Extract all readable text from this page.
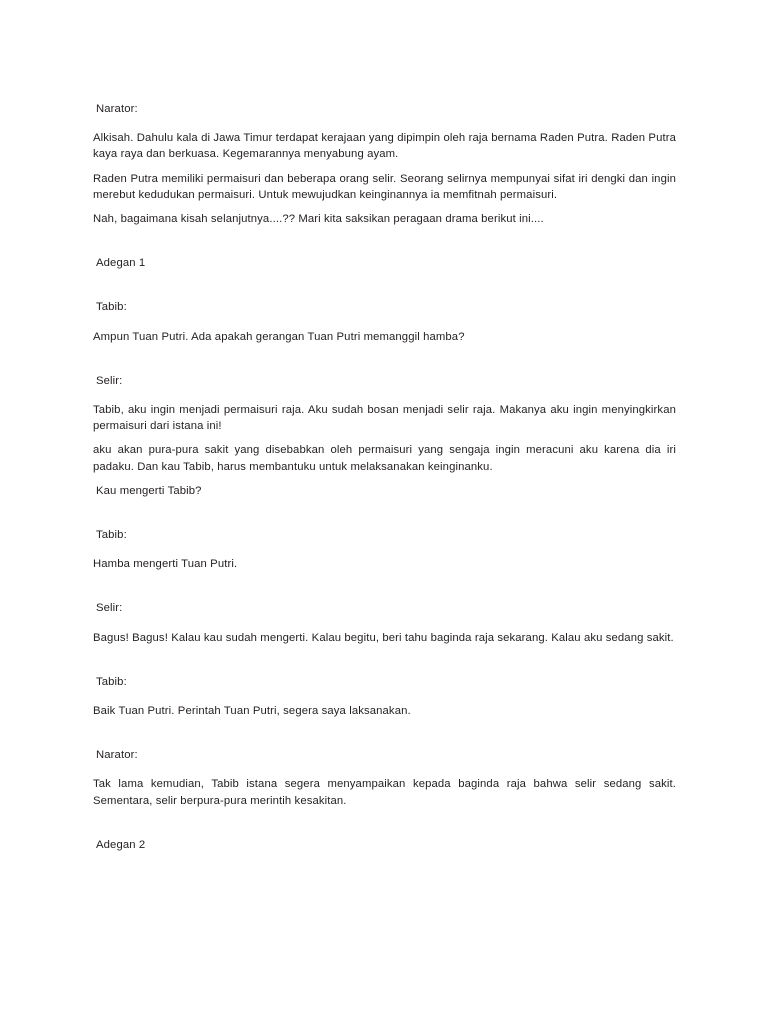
Narator:

Alkisah. Dahulu kala di Jawa Timur terdapat kerajaan yang dipimpin oleh raja bernama Raden Putra. Raden Putra kaya raya dan berkuasa. Kegemarannya menyabung ayam.

Raden Putra memiliki permaisuri dan beberapa orang selir. Seorang selirnya mempunyai sifat iri dengki dan ingin merebut kedudukan permaisuri. Untuk mewujudkan keinginannya ia memfitnah permaisuri.

Nah, bagaimana kisah selanjutnya....?? Mari kita saksikan peragaan drama berikut ini....

Adegan 1

Tabib:

Ampun Tuan Putri. Ada apakah gerangan Tuan Putri memanggil hamba?

Selir:

Tabib, aku ingin menjadi permaisuri raja. Aku sudah bosan menjadi selir raja. Makanya aku ingin menyingkirkan permaisuri dari istana ini!

aku akan pura-pura sakit yang disebabkan oleh permaisuri yang sengaja ingin meracuni aku karena dia iri padaku. Dan kau Tabib, harus membantuku untuk melaksanakan keinginanku.

Kau mengerti Tabib?

Tabib:

Hamba mengerti Tuan Putri.

Selir:

Bagus! Bagus! Kalau kau sudah mengerti. Kalau begitu, beri tahu baginda raja sekarang. Kalau aku sedang sakit.

Tabib:

Baik Tuan Putri. Perintah Tuan Putri, segera saya laksanakan.

Narator:

Tak lama kemudian, Tabib istana segera menyampaikan kepada baginda raja bahwa selir sedang sakit. Sementara, selir berpura-pura merintih kesakitan.

Adegan 2
